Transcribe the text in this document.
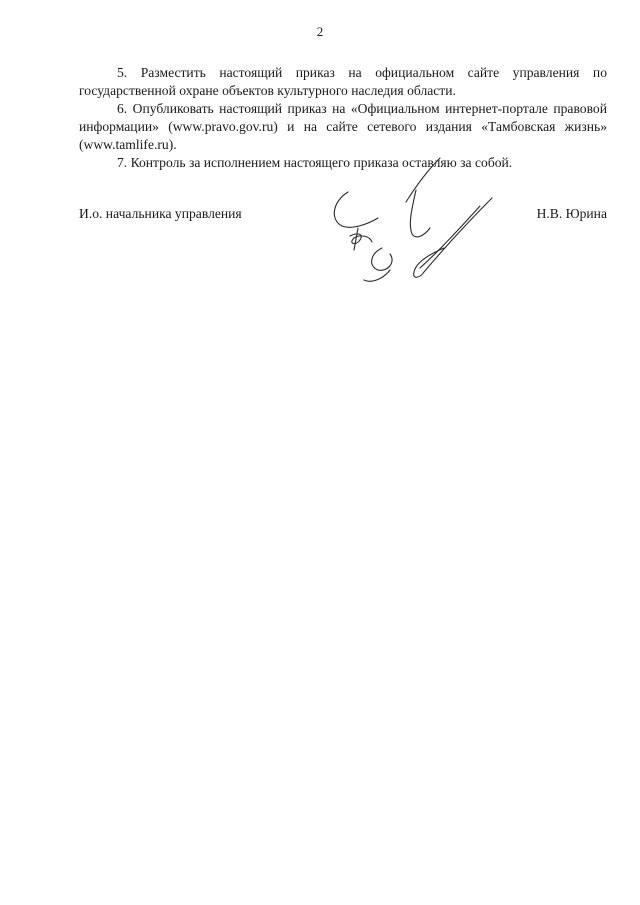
2

5. Разместить настоящий приказ на официальном сайте управления по государственной охране объектов культурного наследия области.

6. Опубликовать настоящий приказ на «Официальном интернет-портале правовой информации» (www.pravo.gov.ru) и на сайте сетевого издания «Тамбовская жизнь» (www.tamlife.ru).

7. Контроль за исполнением настоящего приказа оставляю за собой.

И.о. начальника управления	Н.В. Юрина
